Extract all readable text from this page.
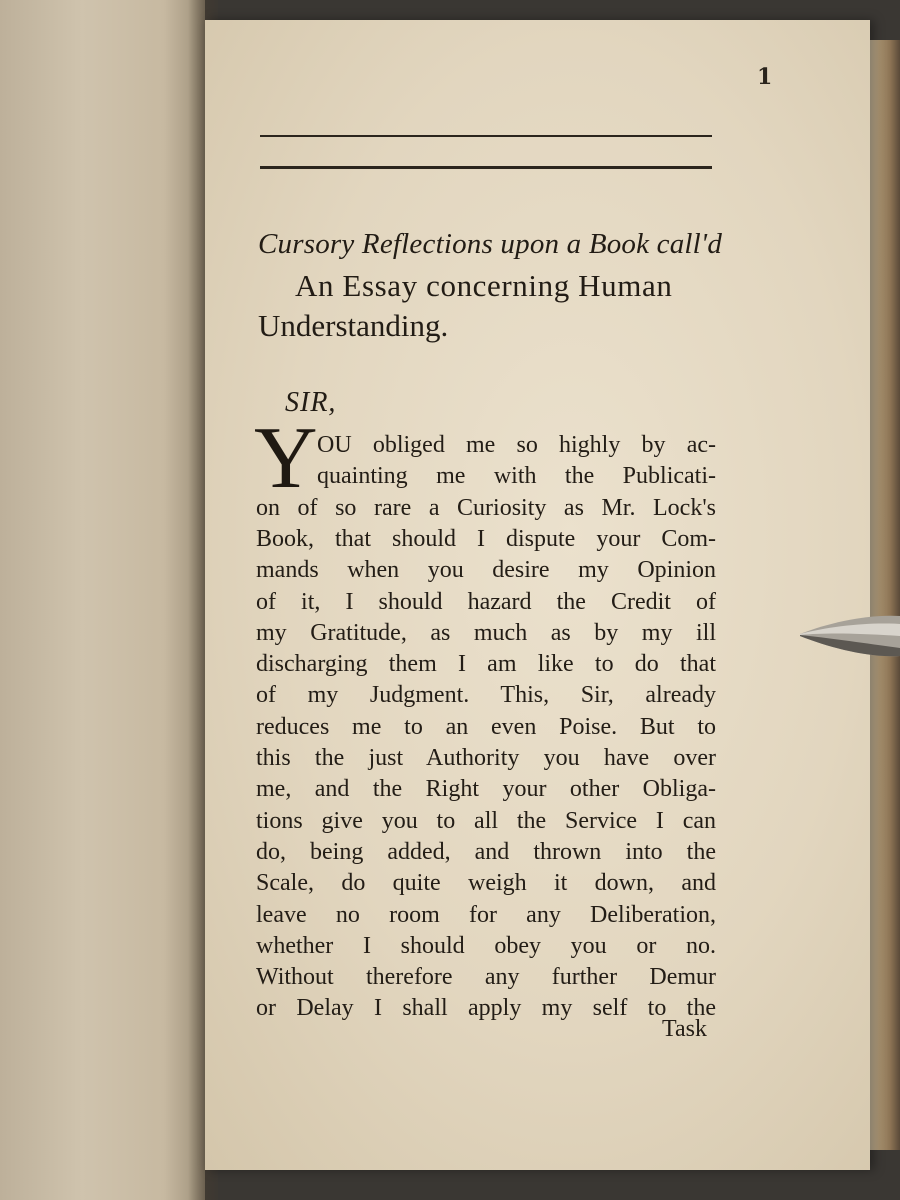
1
Cursory Reflections upon a Book call'd
An Essay concerning Human
Understanding.
SIR,
Y OU obliged me so highly by ac-
quainting me with the Publicati-
on of so rare a Curiosity as Mr. Lock's
Book, that should I dispute your Com-
mands when you desire my Opinion
of it, I should hazard the Credit of
my Gratitude, as much as by my ill
discharging them I am like to do that
of my Judgment. This, Sir, already
reduces me to an even Poise. But to
this the just Authority you have over
me, and the Right your other Obliga-
tions give you to all the Service I can
do, being added, and thrown into the
Scale, do quite weigh it down, and
leave no room for any Deliberation,
whether I should obey you or no.
Without therefore any further Demur
or Delay I shall apply my self to the
Task
